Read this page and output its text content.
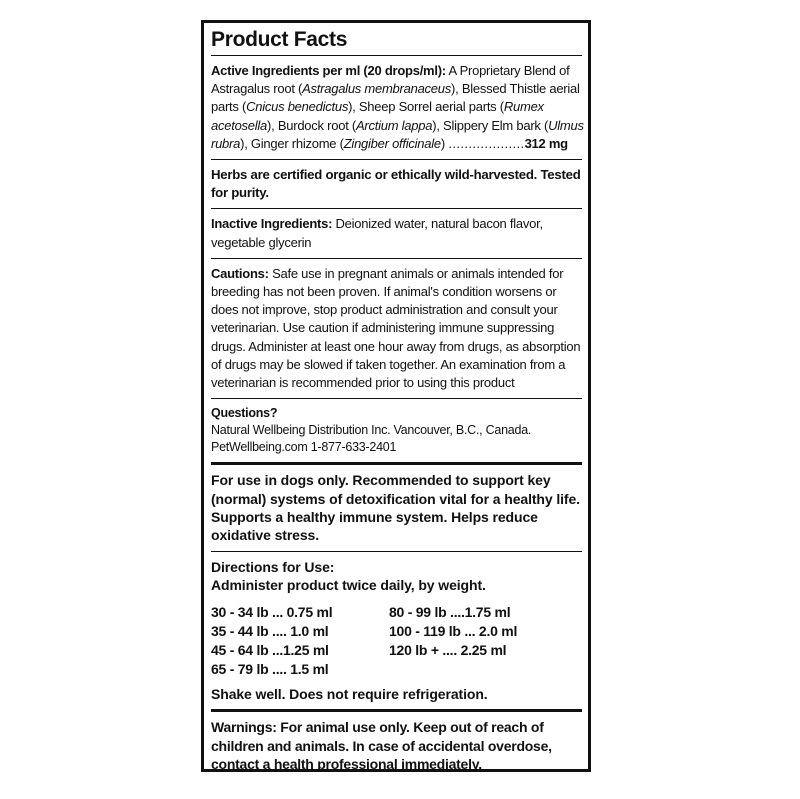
Product Facts
Active Ingredients per ml (20 drops/ml): A Proprietary Blend of
Astragalus root (Astragalus membranaceus), Blessed Thistle aerial
parts (Cnicus benedictus), Sheep Sorrel aerial parts (Rumex
acetosella), Burdock root (Arctium lappa), Slippery Elm bark (Ulmus
rubra), Ginger rhizome (Zingiber officinale) ...................312 mg
Herbs are certified organic or ethically wild-harvested. Tested for purity.
Inactive Ingredients: Deionized water, natural bacon flavor, vegetable glycerin
Cautions: Safe use in pregnant animals or animals intended for breeding has not been proven. If animal's condition worsens or does not improve, stop product administration and consult your veterinarian. Use caution if administering immune suppressing drugs. Administer at least one hour away from drugs, as absorption of drugs may be slowed if taken together. An examination from a veterinarian is recommended prior to using this product
Questions?
Natural Wellbeing Distribution Inc. Vancouver, B.C., Canada.
PetWellbeing.com 1-877-633-2401
For use in dogs only. Recommended to support key (normal) systems of detoxification vital for a healthy life. Supports a healthy immune system. Helps reduce oxidative stress.
Directions for Use:
Administer product twice daily, by weight.
30 - 34 lb ... 0.75 ml	80 - 99 lb ....1.75 ml
35 - 44 lb .... 1.0 ml	100 - 119 lb ... 2.0 ml
45 - 64 lb ...1.25 ml	120 lb + .... 2.25 ml
65 - 79 lb .... 1.5 ml
Shake well. Does not require refrigeration.
Warnings: For animal use only. Keep out of reach of children and animals. In case of accidental overdose, contact a health professional immediately.
